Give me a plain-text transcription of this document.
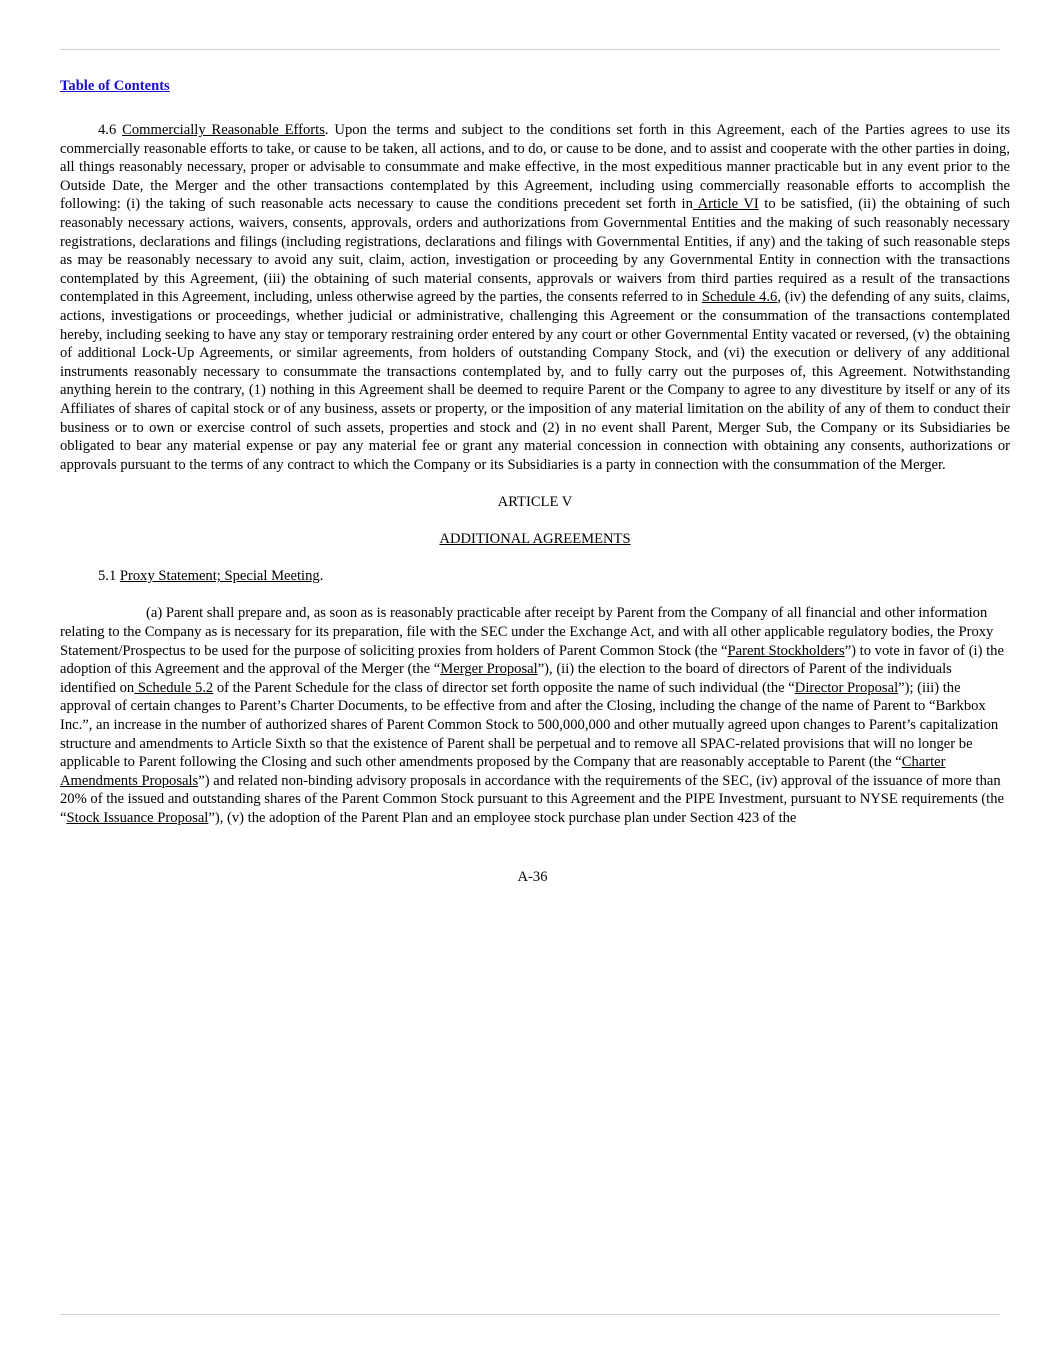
Table of Contents

4.6 Commercially Reasonable Efforts. Upon the terms and subject to the conditions set forth in this Agreement, each of the Parties agrees to use its commercially reasonable efforts to take, or cause to be taken, all actions, and to do, or cause to be done, and to assist and cooperate with the other parties in doing, all things reasonably necessary, proper or advisable to consummate and make effective, in the most expeditious manner practicable but in any event prior to the Outside Date, the Merger and the other transactions contemplated by this Agreement, including using commercially reasonable efforts to accomplish the following: (i) the taking of such reasonable acts necessary to cause the conditions precedent set forth in Article VI to be satisfied, (ii) the obtaining of such reasonably necessary actions, waivers, consents, approvals, orders and authorizations from Governmental Entities and the making of such reasonably necessary registrations, declarations and filings (including registrations, declarations and filings with Governmental Entities, if any) and the taking of such reasonable steps as may be reasonably necessary to avoid any suit, claim, action, investigation or proceeding by any Governmental Entity in connection with the transactions contemplated by this Agreement, (iii) the obtaining of such material consents, approvals or waivers from third parties required as a result of the transactions contemplated in this Agreement, including, unless otherwise agreed by the parties, the consents referred to in Schedule 4.6, (iv) the defending of any suits, claims, actions, investigations or proceedings, whether judicial or administrative, challenging this Agreement or the consummation of the transactions contemplated hereby, including seeking to have any stay or temporary restraining order entered by any court or other Governmental Entity vacated or reversed, (v) the obtaining of additional Lock-Up Agreements, or similar agreements, from holders of outstanding Company Stock, and (vi) the execution or delivery of any additional instruments reasonably necessary to consummate the transactions contemplated by, and to fully carry out the purposes of, this Agreement. Notwithstanding anything herein to the contrary, (1) nothing in this Agreement shall be deemed to require Parent or the Company to agree to any divestiture by itself or any of its Affiliates of shares of capital stock or of any business, assets or property, or the imposition of any material limitation on the ability of any of them to conduct their business or to own or exercise control of such assets, properties and stock and (2) in no event shall Parent, Merger Sub, the Company or its Subsidiaries be obligated to bear any material expense or pay any material fee or grant any material concession in connection with obtaining any consents, authorizations or approvals pursuant to the terms of any contract to which the Company or its Subsidiaries is a party in connection with the consummation of the Merger.

ARTICLE V

ADDITIONAL AGREEMENTS

5.1 Proxy Statement; Special Meeting.

(a) Parent shall prepare and, as soon as is reasonably practicable after receipt by Parent from the Company of all financial and other information relating to the Company as is necessary for its preparation, file with the SEC under the Exchange Act, and with all other applicable regulatory bodies, the Proxy Statement/Prospectus to be used for the purpose of soliciting proxies from holders of Parent Common Stock (the “Parent Stockholders”) to vote in favor of (i) the adoption of this Agreement and the approval of the Merger (the “Merger Proposal”), (ii) the election to the board of directors of Parent of the individuals identified on Schedule 5.2 of the Parent Schedule for the class of director set forth opposite the name of such individual (the “Director Proposal”); (iii) the approval of certain changes to Parent’s Charter Documents, to be effective from and after the Closing, including the change of the name of Parent to “Barkbox Inc.”, an increase in the number of authorized shares of Parent Common Stock to 500,000,000 and other mutually agreed upon changes to Parent’s capitalization structure and amendments to Article Sixth so that the existence of Parent shall be perpetual and to remove all SPAC-related provisions that will no longer be applicable to Parent following the Closing and such other amendments proposed by the Company that are reasonably acceptable to Parent (the “Charter Amendments Proposals”) and related non-binding advisory proposals in accordance with the requirements of the SEC, (iv) approval of the issuance of more than 20% of the issued and outstanding shares of the Parent Common Stock pursuant to this Agreement and the PIPE Investment, pursuant to NYSE requirements (the “Stock Issuance Proposal”), (v) the adoption of the Parent Plan and an employee stock purchase plan under Section 423 of the

A-36
